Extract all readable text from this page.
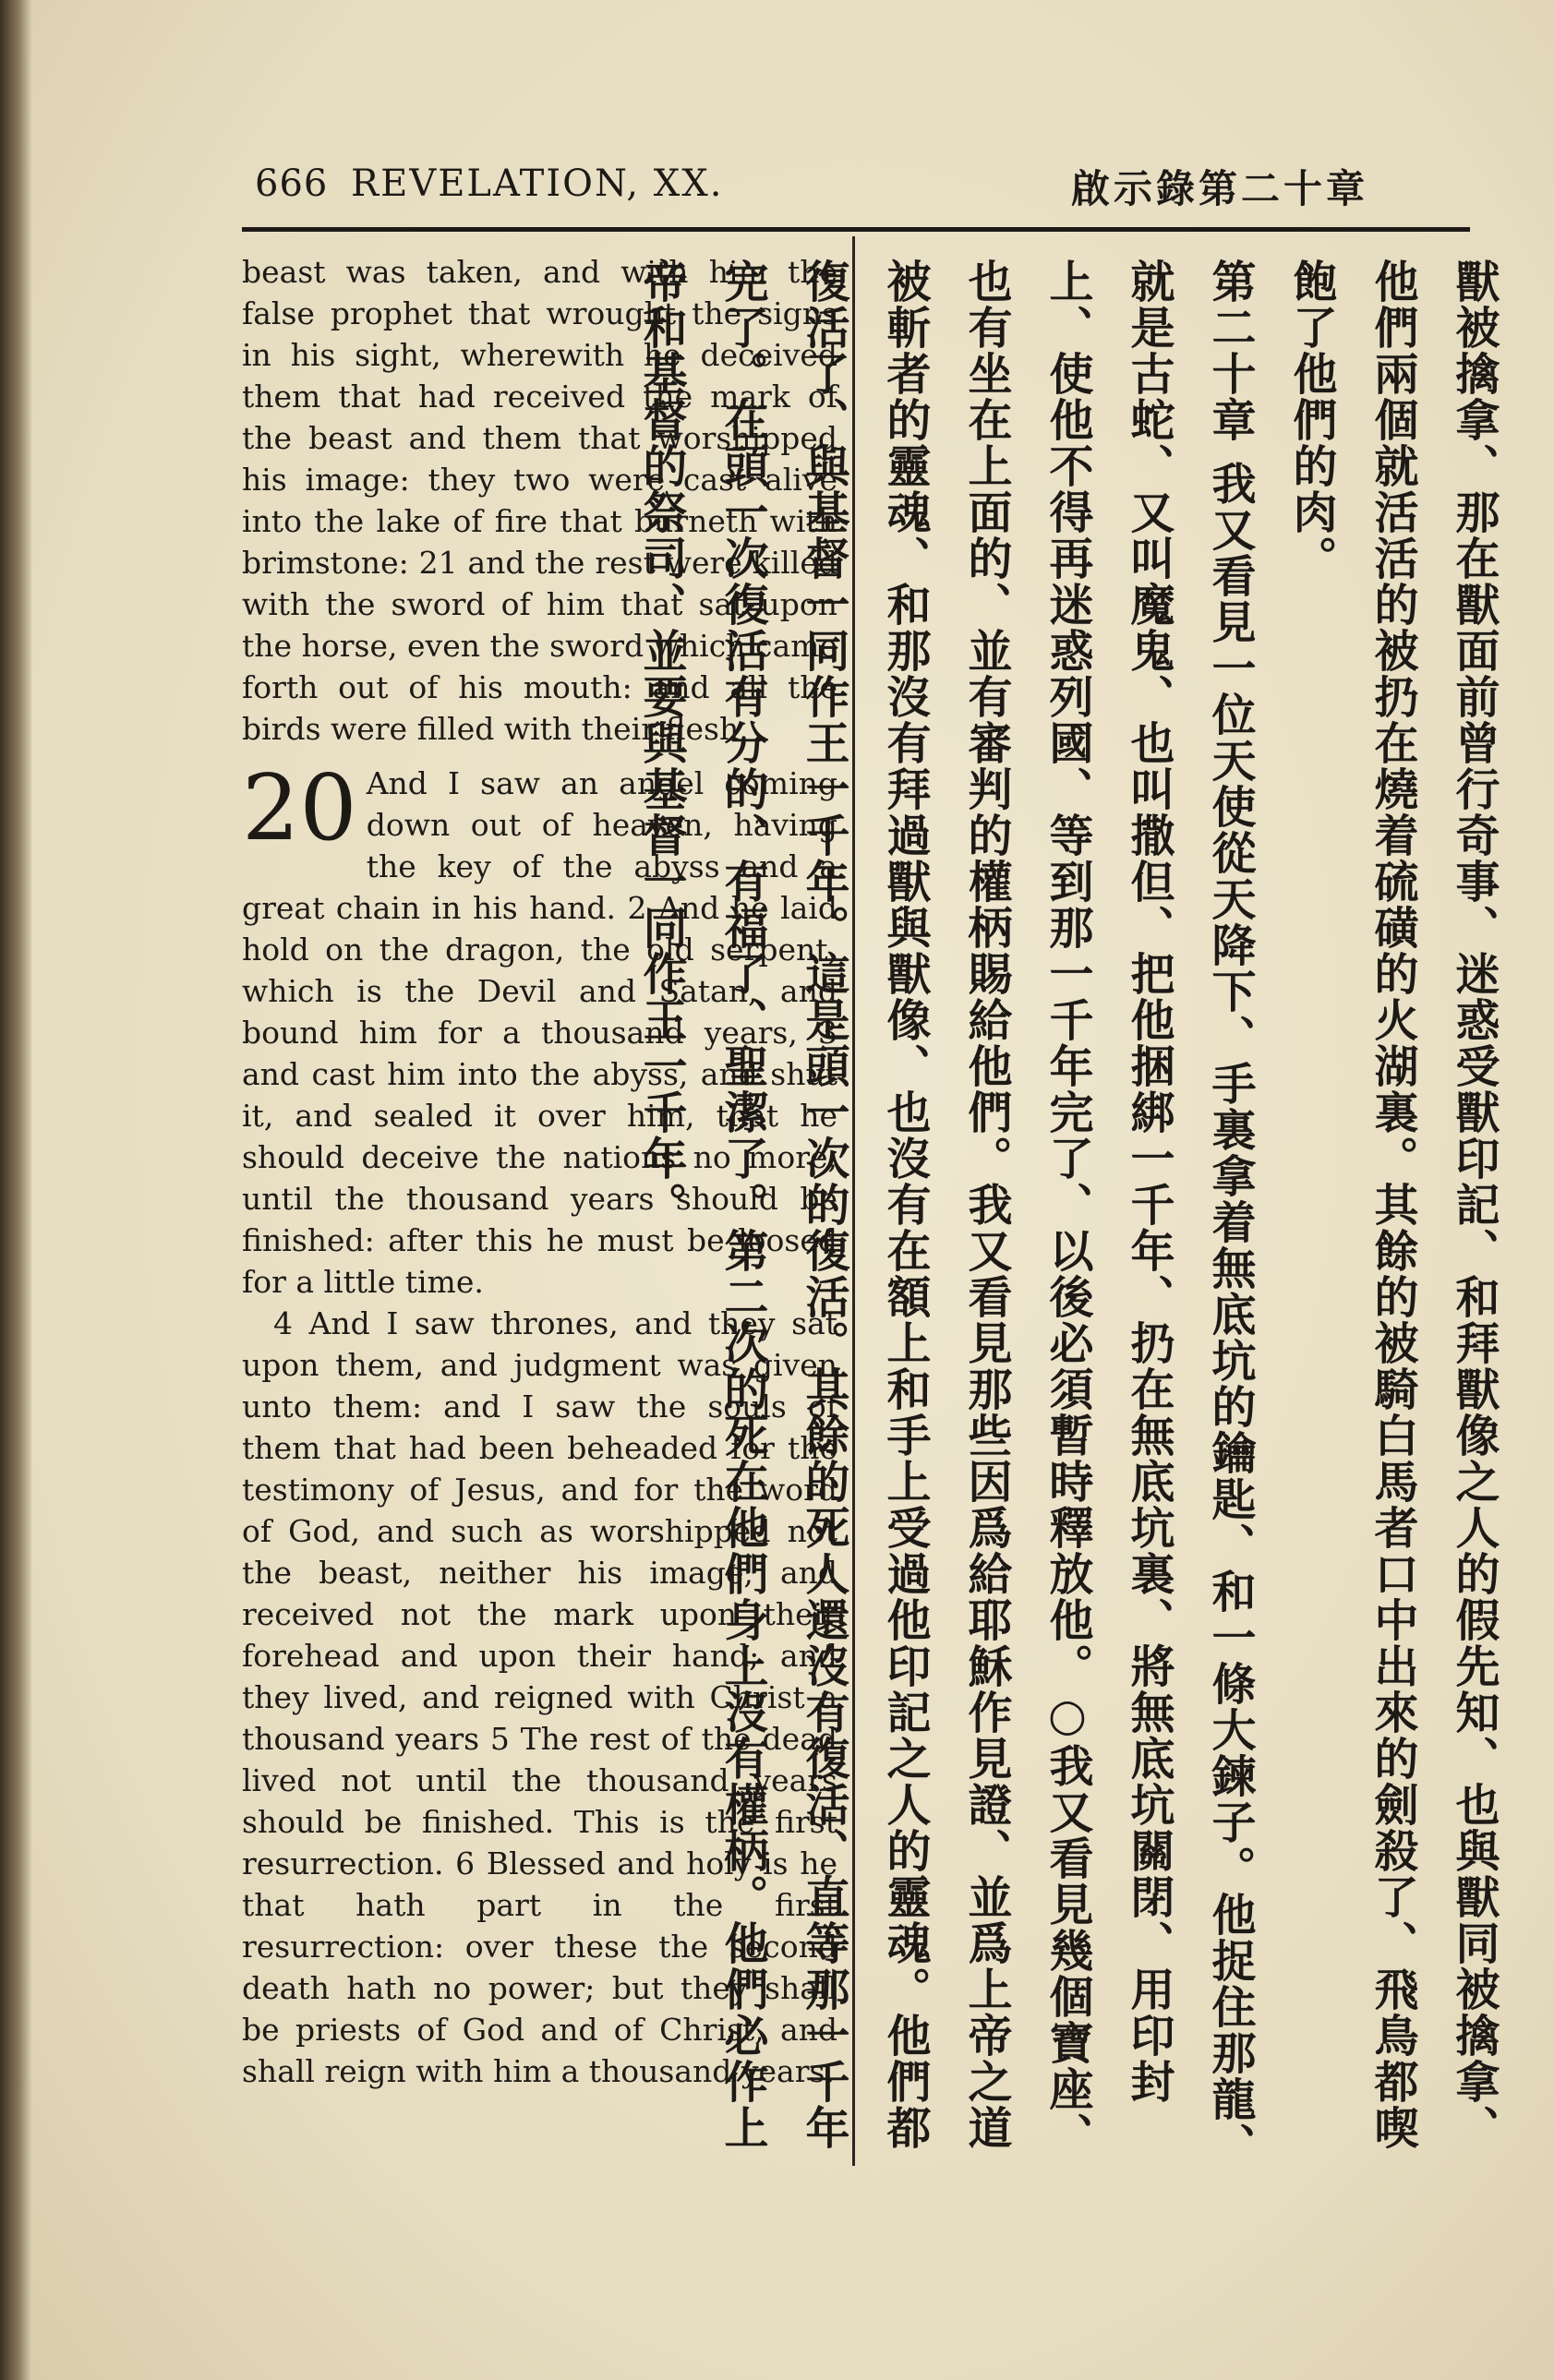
666 REVELATION, XX.	啟示錄第二十章

beast was taken, and with him the false prophet that wrought the signs in his sight, wherewith he deceived them that had received the mark of the beast and them that worshipped his image: they two were cast alive into the lake of fire that burneth with brimstone: 21 and the rest were killed with the sword of him that sat upon the horse, even the sword which came forth out of his mouth: and all the birds were filled with their flesh.

20 And I saw an angel coming down out of heaven, having the key of the abyss and a great chain in his hand. 2 And he laid hold on the dragon, the old serpent, which is the Devil and Satan, and bound him for a thousand years, 3 and cast him into the abyss, and shut it, and sealed it over him, that he should deceive the nations no more, until the thousand years should be finished: after this he must be loosed for a little time.

4 And I saw thrones, and they sat upon them, and judgment was given unto them: and I saw the souls of them that had been beheaded for the testimony of Jesus, and for the word of God, and such as worshipped not the beast, neither his image, and received not the mark upon their forehead and upon their hand; and they lived, and reigned with Christ a thousand years 5 The rest of the dead lived not until the thousand years should be finished. This is the first resurrection. 6 Blessed and holy is he that hath part in the first resurrection: over these the second death hath no power; but they shall be priests of God and of Christ, and shall reign with him a thousand years.	獸被擒拿、那在獸面前曾行奇事、迷惑受獸印記、和拜獸像之人的假先知、也與獸同被擒拿、他們兩個就活活的被扔在燒着硫磺的火湖裏。其餘的被騎白馬者口中出來的劍殺了、飛鳥都喫飽了他們的肉。

第二十章 我又看見一位天使從天降下、手裏拿着無底坑的鑰匙、和一條大鍊子。他捉住那龍、就是古蛇、又叫魔鬼、也叫撒但、把他捆綁一千年、扔在無底坑裏、將無底坑關閉、用印封上、使他不得再迷惑列國、等到那一千年完了、以後必須暫時釋放他。○我又看見幾個寶座、也有坐在上面的、並有審判的權柄賜給他們。我又看見那些因爲給耶穌作見證、並爲上帝之道被斬者的靈魂、和那沒有拜過獸與獸像、也沒有在額上和手上受過他印記之人的靈魂。他們都復活了、與基督一同作王一千年。這是頭一次的復活。其餘的死人還沒有復活、直等那一千年完了。在頭一次復活有分的、有福了、聖潔了。第二次的死在他們身上沒有權柄。他們必作上帝和基督的祭司、並要與基督一同作王一千年。
